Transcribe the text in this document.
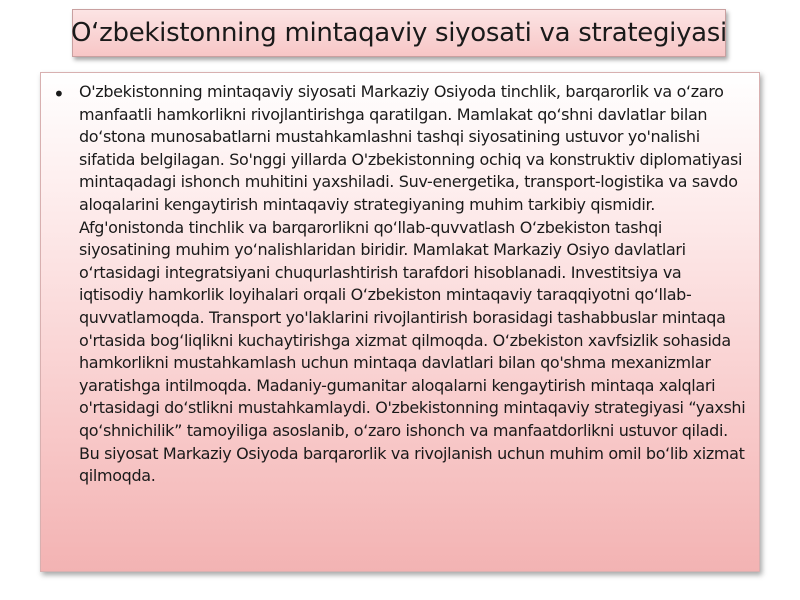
O‘zbekistonning mintaqaviy siyosati va strategiyasi
• O'zbekistonning mintaqaviy siyosati Markaziy Osiyoda tinchlik, barqarorlik va o‘zaro manfaatli hamkorlikni rivojlantirishga qaratilgan. Mamlakat qo‘shni davlatlar bilan do‘stona munosabatlarni mustahkamlashni tashqi siyosatining ustuvor yo'nalishi sifatida belgilagan. So'nggi yillarda O'zbekistonning ochiq va konstruktiv diplomatiyasi mintaqadagi ishonch muhitini yaxshiladi. Suv-energetika, transport-logistika va savdo aloqalarini kengaytirish mintaqaviy strategiyaning muhim tarkibiy qismidir. Afg'onistonda tinchlik va barqarorlikni qo‘llab-quvvatlash O‘zbekiston tashqi siyosatining muhim yo‘nalishlaridan biridir. Mamlakat Markaziy Osiyo davlatlari o‘rtasidagi integratsiyani chuqurlashtirish tarafdori hisoblanadi. Investitsiya va iqtisodiy hamkorlik loyihalari orqali O‘zbekiston mintaqaviy taraqqiyotni qo‘llab-quvvatlamoqda. Transport yo'laklarini rivojlantirish borasidagi tashabbuslar mintaqa o'rtasida bog‘liqlikni kuchaytirishga xizmat qilmoqda. O‘zbekiston xavfsizlik sohasida hamkorlikni mustahkamlash uchun mintaqa davlatlari bilan qo'shma mexanizmlar yaratishga intilmoqda. Madaniy-gumanitar aloqalarni kengaytirish mintaqa xalqlari o'rtasidagi do‘stlikni mustahkamlaydi. O'zbekistonning mintaqaviy strategiyasi “yaxshi qo‘shnichilik” tamoyiliga asoslanib, o‘zaro ishonch va manfaatdorlikni ustuvor qiladi. Bu siyosat Markaziy Osiyoda barqarorlik va rivojlanish uchun muhim omil bo‘lib xizmat qilmoqda.
